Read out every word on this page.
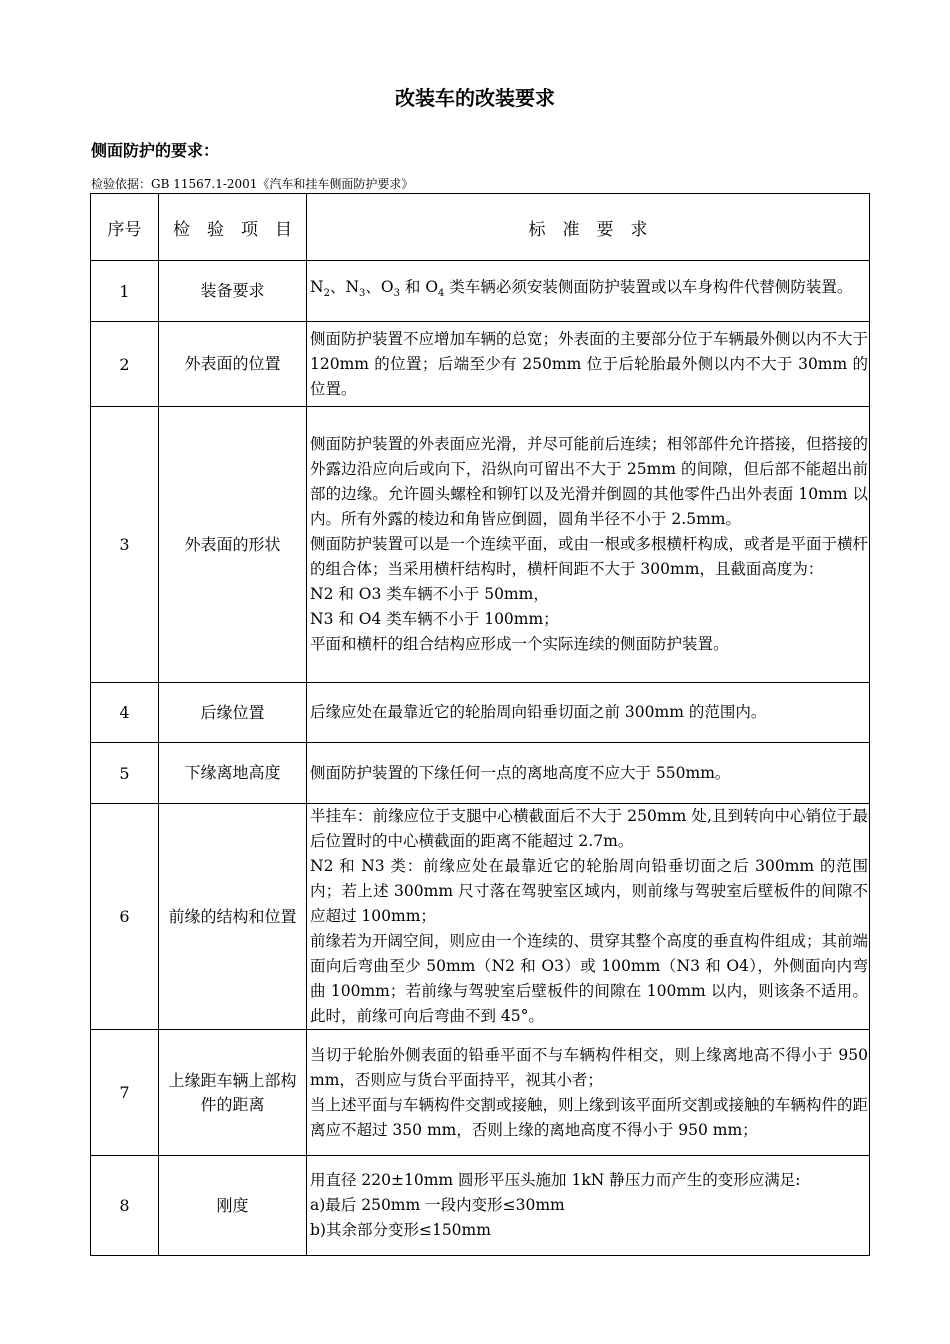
改装车的改装要求
侧面防护的要求：
检验依据：GB 11567.1-2001《汽车和挂车侧面防护要求》
序号	检　验　项　目	标　准　要　求
1	装备要求	$N_2$、$N_3$、$O_3$ 和 $O_4$ 类车辆必须安装侧面防护装置或以车身构件代替侧防装置。
2	外表面的位置	侧面防护装置不应增加车辆的总宽；外表面的主要部分位于车辆最外侧以内不大于 120mm 的位置；后端至少有 250mm 位于后轮胎最外侧以内不大于 30mm 的位置。

3	外表面的形状	侧面防护装置的外表面应光滑，并尽可能前后连续；相邻部件允许搭接，但搭接的外露边沿应向后或向下，沿纵向可留出不大于 25mm 的间隙，但后部不能超出前部的边缘。允许圆头螺栓和铆钉以及光滑并倒圆的其他零件凸出外表面 10mm 以内。所有外露的棱边和角皆应倒圆，圆角半径不小于 2.5mm。
侧面防护装置可以是一个连续平面，或由一根或多根横杆构成，或者是平面于横杆的组合体；当采用横杆结构时，横杆间距不大于 300mm，且截面高度为：
N2 和 O3 类车辆不小于 50mm，
N3 和 O4 类车辆不小于 100mm；
平面和横杆的组合结构应形成一个实际连续的侧面防护装置。

4	后缘位置	后缘应处在最靠近它的轮胎周向铅垂切面之前 300mm 的范围内。

5	下缘离地高度	侧面防护装置的下缘任何一点的离地高度不应大于 550mm。

6	前缘的结构和位置	半挂车：前缘应位于支腿中心横截面后不大于 250mm 处,且到转向中心销位于最后位置时的中心横截面的距离不能超过 2.7m。
N2 和 N3 类：前缘应处在最靠近它的轮胎周向铅垂切面之后 300mm 的范围内；若上述 300mm 尺寸落在驾驶室区域内，则前缘与驾驶室后壁板件的间隙不应超过 100mm；
前缘若为开阔空间，则应由一个连续的、贯穿其整个高度的垂直构件组成；其前端面向后弯曲至少 50mm（N2 和 O3）或 100mm（N3 和 O4），外侧面向内弯曲 100mm；若前缘与驾驶室后壁板件的间隙在 100mm 以内，则该条不适用。此时，前缘可向后弯曲不到 45°。

7	上缘距车辆上部构件的距离	当切于轮胎外侧表面的铅垂平面不与车辆构件相交，则上缘离地高不得小于 950 mm，否则应与货台平面持平，视其小者；
当上述平面与车辆构件交割或接触，则上缘到该平面所交割或接触的车辆构件的距离应不超过 350 mm，否则上缘的离地高度不得小于 950 mm；

8	刚度	用直径 220±10mm 圆形平压头施加 1kN 静压力而产生的变形应满足:
a)最后 250mm 一段内变形≤30mm
b)其余部分变形≤150mm
